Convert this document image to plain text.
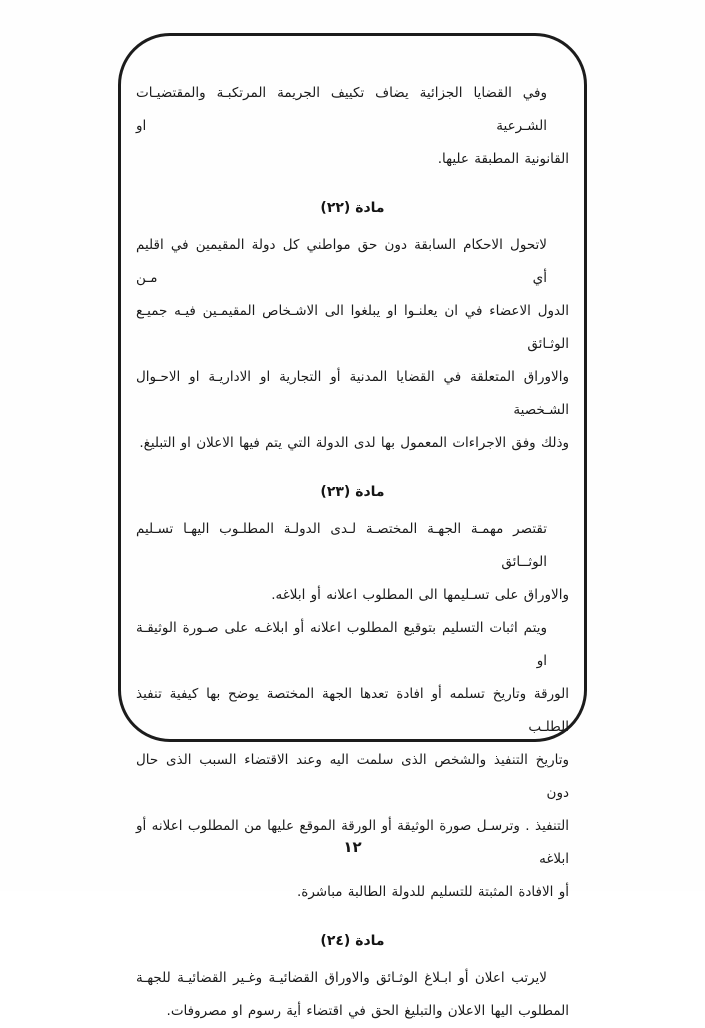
وفي القضايا الجزائية يضاف تكييف الجريمة المرتكبـة والمقتضيـات الشـرعية او
القانونية المطبقة عليها.
مادة (٢٢)
لاتحول الاحكام السابقة دون حق مواطني كل دولة المقيمين في اقليم أي مـن
الدول الاعضاء في ان يعلنـوا او يبلغوا الى الاشـخاص المقيمـين فيـه جميـع الوثـائق
والاوراق المتعلقة في القضايا المدنية أو التجارية او الاداريـة او الاحـوال الشـخصية
وذلك وفق الاجراءات المعمول بها لدى الدولة التي يتم فيها الاعلان او التبليغ.
مادة (٢٣)
تقتصر مهمـة الجهـة المختصـة لـدى الدولـة المطلـوب اليهـا تسـليم الوثــائق
والاوراق على تسـليمها الى المطلوب اعلانه أو ابلاغه.
ويتم اثبات التسليم بتوقيع المطلوب اعلانه أو ابلاغـه على صـورة الوثيقـة او
الورقة وتاريخ تسلمه أو افادة تعدها الجهة المختصة يوضح بها كيفية تنفيذ الطلـب
وتاريخ التنفيذ والشخص الذى سلمت اليه وعند الاقتضاء السبب الذى حال دون
التنفيذ . وترسـل صورة الوثيقة أو الورقة الموقع عليها من المطلوب اعلانه أو ابلاغه
أو الافادة المثبتة للتسليم للدولة الطالبة مباشرة.
مادة (٢٤)
لايرتب اعلان أو ابـلاغ الوثـائق والاوراق القضائيـة وغـير القضائيـة للجهـة
المطلوب اليها الاعلان والتبليغ الحق في اقتضاء أية رسوم او مصروفات.
١٢
